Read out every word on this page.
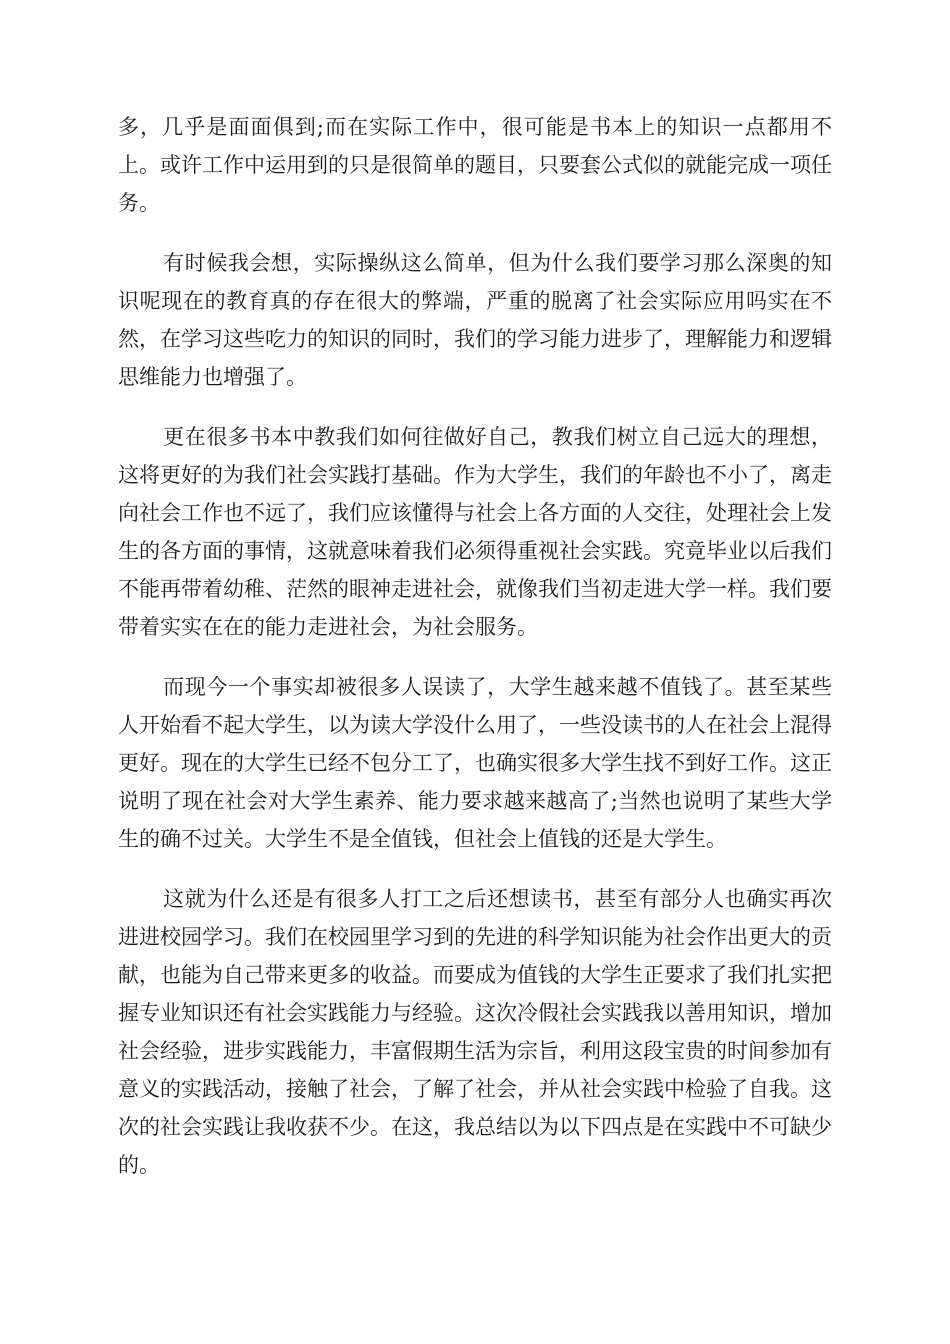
多，几乎是面面俱到;而在实际工作中，很可能是书本上的知识一点都用不上。或许工作中运用到的只是很简单的题目，只要套公式似的就能完成一项任务。

有时候我会想，实际操纵这么简单，但为什么我们要学习那么深奥的知识呢现在的教育真的存在很大的弊端，严重的脱离了社会实际应用吗实在不然，在学习这些吃力的知识的同时，我们的学习能力进步了，理解能力和逻辑思维能力也增强了。

更在很多书本中教我们如何往做好自己，教我们树立自己远大的理想，这将更好的为我们社会实践打基础。作为大学生，我们的年龄也不小了，离走向社会工作也不远了，我们应该懂得与社会上各方面的人交往，处理社会上发生的各方面的事情，这就意味着我们必须得重视社会实践。究竟毕业以后我们不能再带着幼稚、茫然的眼神走进社会，就像我们当初走进大学一样。我们要带着实实在在的能力走进社会，为社会服务。

而现今一个事实却被很多人误读了，大学生越来越不值钱了。甚至某些人开始看不起大学生，以为读大学没什么用了，一些没读书的人在社会上混得更好。现在的大学生已经不包分工了，也确实很多大学生找不到好工作。这正说明了现在社会对大学生素养、能力要求越来越高了;当然也说明了某些大学生的确不过关。大学生不是全值钱，但社会上值钱的还是大学生。

这就为什么还是有很多人打工之后还想读书，甚至有部分人也确实再次进进校园学习。我们在校园里学习到的先进的科学知识能为社会作出更大的贡献，也能为自己带来更多的收益。而要成为值钱的大学生正要求了我们扎实把握专业知识还有社会实践能力与经验。这次冷假社会实践我以善用知识，增加社会经验，进步实践能力，丰富假期生活为宗旨，利用这段宝贵的时间参加有意义的实践活动，接触了社会，了解了社会，并从社会实践中检验了自我。这次的社会实践让我收获不少。在这，我总结以为以下四点是在实践中不可缺少的。
